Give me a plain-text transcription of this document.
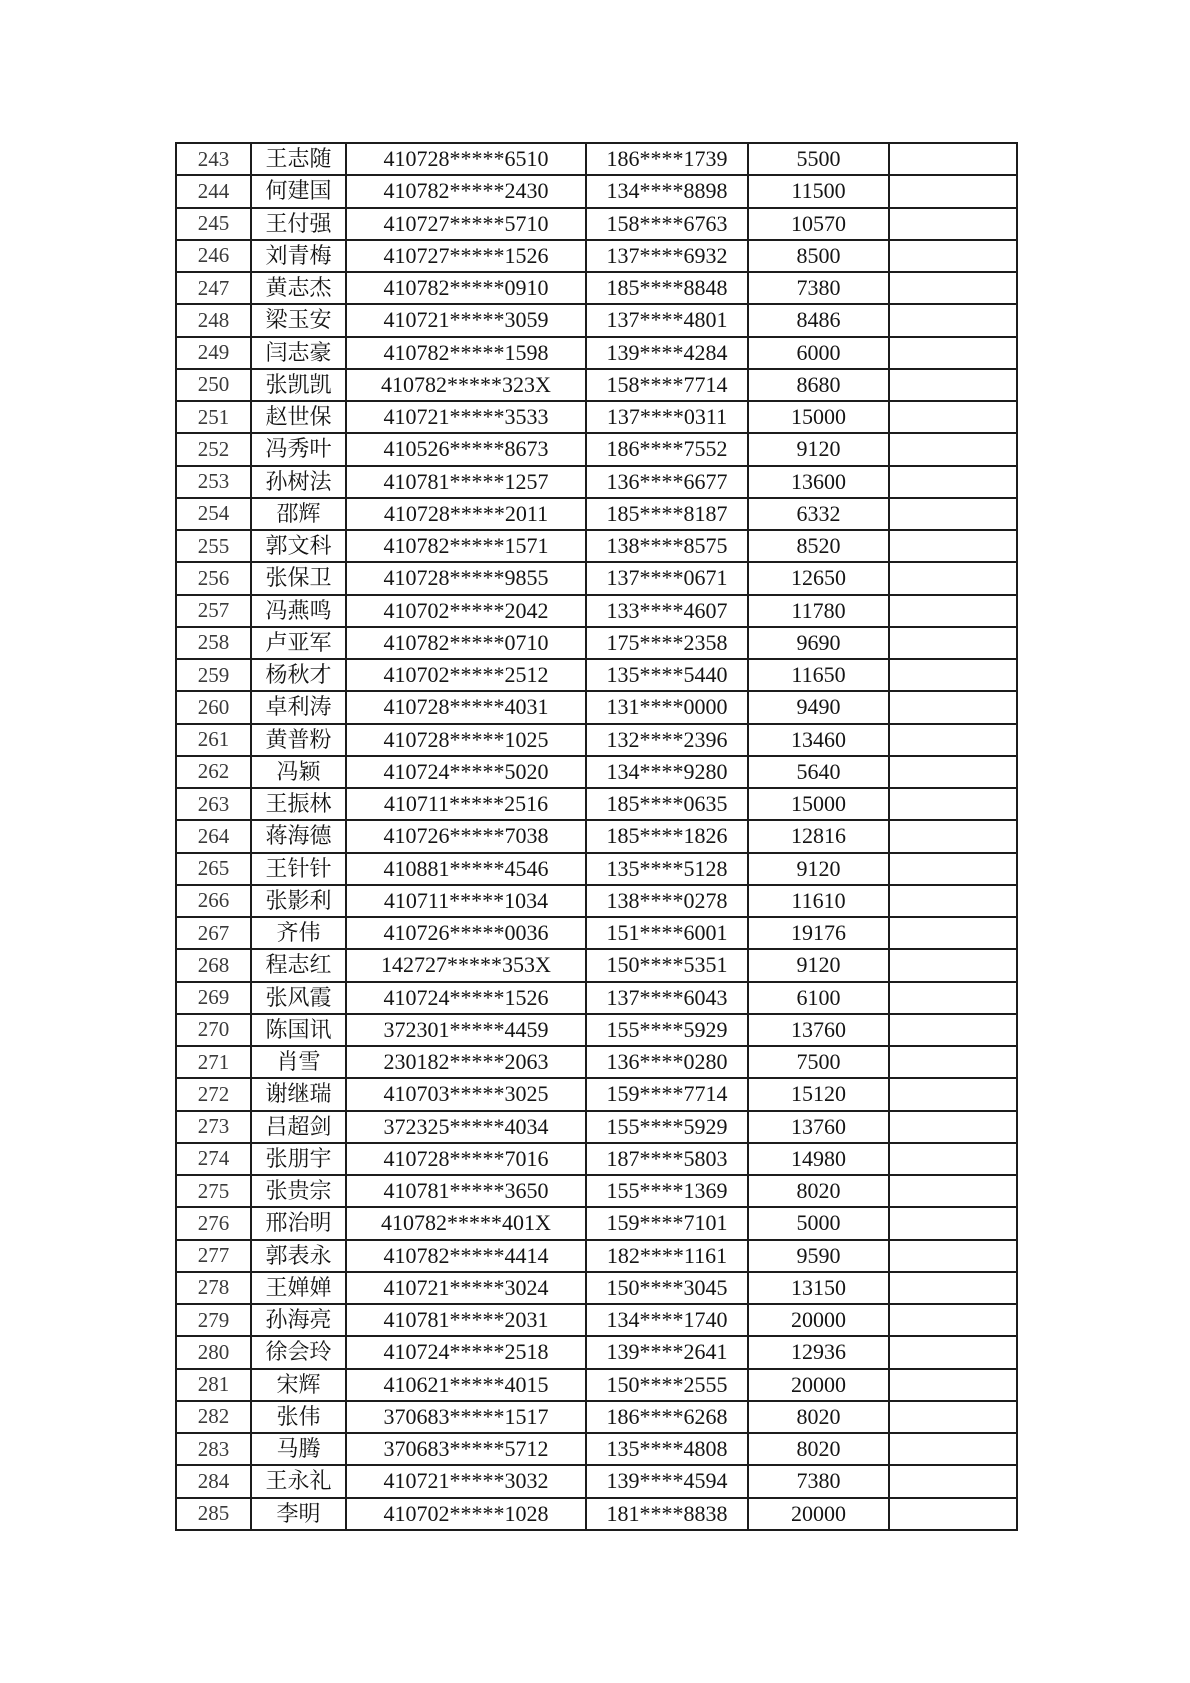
243	王志随	410728*****6510	186****1739	5500	
244	何建国	410782*****2430	134****8898	11500	
245	王付强	410727*****5710	158****6763	10570	
246	刘青梅	410727*****1526	137****6932	8500	
247	黄志杰	410782*****0910	185****8848	7380	
248	梁玉安	410721*****3059	137****4801	8486	
249	闫志豪	410782*****1598	139****4284	6000	
250	张凯凯	410782*****323X	158****7714	8680	
251	赵世保	410721*****3533	137****0311	15000	
252	冯秀叶	410526*****8673	186****7552	9120	
253	孙树法	410781*****1257	136****6677	13600	
254	邵辉	410728*****2011	185****8187	6332	
255	郭文科	410782*****1571	138****8575	8520	
256	张保卫	410728*****9855	137****0671	12650	
257	冯燕鸣	410702*****2042	133****4607	11780	
258	卢亚军	410782*****0710	175****2358	9690	
259	杨秋才	410702*****2512	135****5440	11650	
260	卓利涛	410728*****4031	131****0000	9490	
261	黄普粉	410728*****1025	132****2396	13460	
262	冯颖	410724*****5020	134****9280	5640	
263	王振林	410711*****2516	185****0635	15000	
264	蒋海德	410726*****7038	185****1826	12816	
265	王针针	410881*****4546	135****5128	9120	
266	张影利	410711*****1034	138****0278	11610	
267	齐伟	410726*****0036	151****6001	19176	
268	程志红	142727*****353X	150****5351	9120	
269	张风霞	410724*****1526	137****6043	6100	
270	陈国讯	372301*****4459	155****5929	13760	
271	肖雪	230182*****2063	136****0280	7500	
272	谢继瑞	410703*****3025	159****7714	15120	
273	吕超剑	372325*****4034	155****5929	13760	
274	张朋宇	410728*****7016	187****5803	14980	
275	张贵宗	410781*****3650	155****1369	8020	
276	邢治明	410782*****401X	159****7101	5000	
277	郭表永	410782*****4414	182****1161	9590	
278	王婵婵	410721*****3024	150****3045	13150	
279	孙海亮	410781*****2031	134****1740	20000	
280	徐会玲	410724*****2518	139****2641	12936	
281	宋辉	410621*****4015	150****2555	20000	
282	张伟	370683*****1517	186****6268	8020	
283	马腾	370683*****5712	135****4808	8020	
284	王永礼	410721*****3032	139****4594	7380	
285	李明	410702*****1028	181****8838	20000	
